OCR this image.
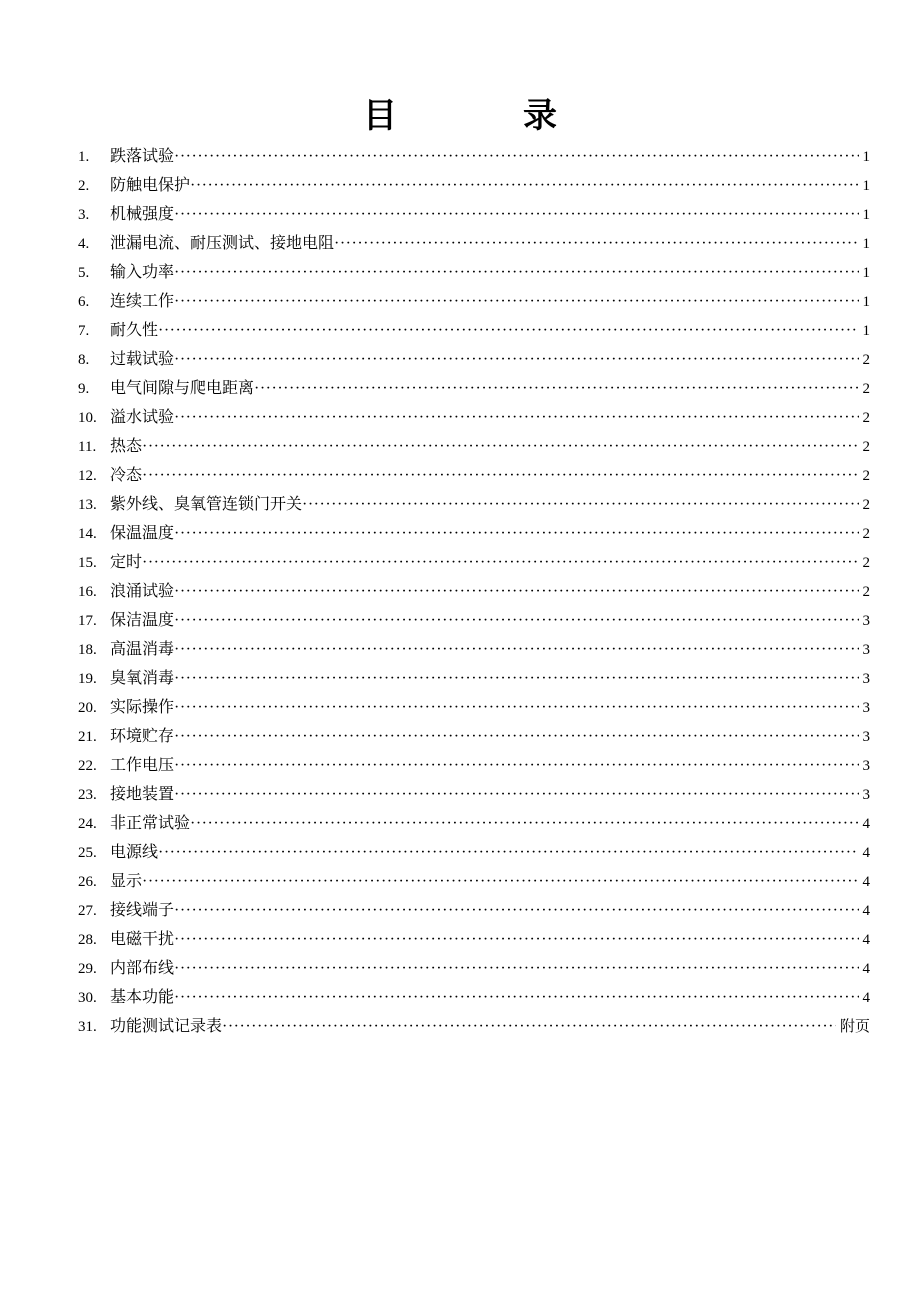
目　录
1.	跌落试验 ·····	1
2.	防触电保护 ·····	1
3.	机械强度 ·····	1
4.	泄漏电流、耐压测试、接地电阻 ·····	1
5.	输入功率 ·····	1
6.	连续工作 ·····	1
7.	耐久性 ·····	1
8.	过载试验 ·····	2
9.	电气间隙与爬电距离 ·····	2
10. 溢水试验 ·····	2
11. 热态 ·····	2
12. 冷态 ·····	2
13. 紫外线、臭氧管连锁门开关 ·····	2
14. 保温温度 ·····	2
15. 定时 ·····	2
16. 浪涌试验 ·····	2
17. 保洁温度 ·····	3
18. 高温消毒 ·····	3
19. 臭氧消毒 ·····	3
20. 实际操作 ·····	3
21. 环境贮存 ·····	3
22. 工作电压 ·····	3
23. 接地装置 ·····	3
24. 非正常试验 ·····	4
25. 电源线 ·····	4
26. 显示 ·····	4
27. 接线端子 ·····	4
28. 电磁干扰 ·····	4
29. 内部布线 ·····	4
30. 基本功能 ·····	4
31. 功能测试记录表 ·····	附页
